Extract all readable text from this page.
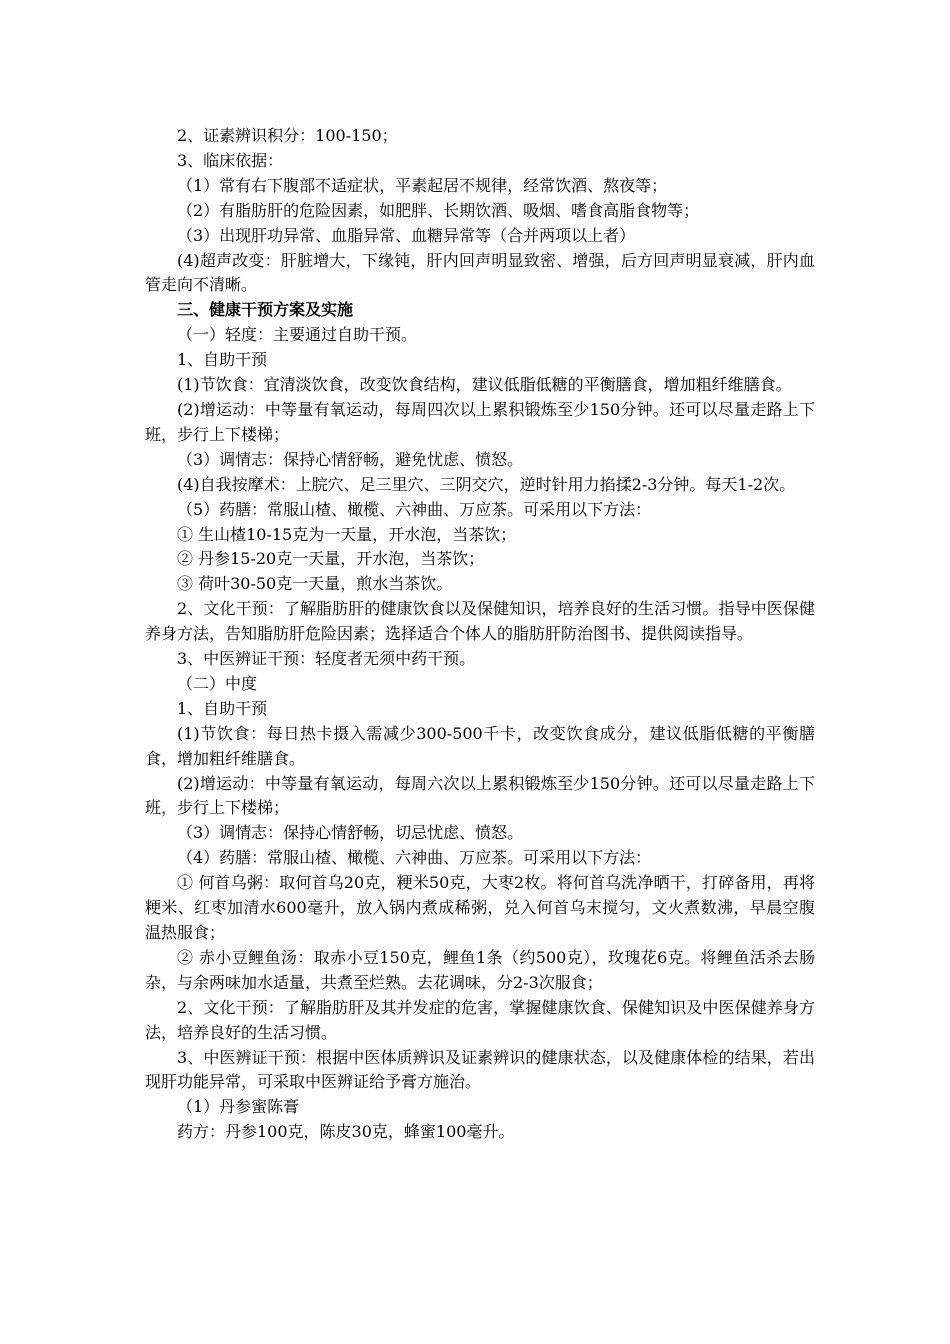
2、证素辨识积分：100-150；

3、临床依据：

（1）常有右下腹部不适症状，平素起居不规律，经常饮酒、熬夜等；

（2）有脂肪肝的危险因素，如肥胖、长期饮酒、吸烟、嗜食高脂食物等；

（3）出现肝功异常、血脂异常、血糖异常等（合并两项以上者）

(4)超声改变：肝脏增大，下缘钝，肝内回声明显致密、增强，后方回声明显衰减，肝内血管走向不清晰。

三、健康干预方案及实施

（一）轻度：主要通过自助干预。

1、自助干预

(1)节饮食：宜清淡饮食，改变饮食结构，建议低脂低糖的平衡膳食，增加粗纤维膳食。

(2)增运动：中等量有氧运动，每周四次以上累积锻炼至少150分钟。还可以尽量走路上下班，步行上下楼梯；

（3）调情志：保持心情舒畅，避免忧虑、愤怒。

(4)自我按摩术：上脘穴、足三里穴、三阴交穴，逆时针用力掐揉2-3分钟。每天1-2次。

（5）药膳：常服山楂、橄榄、六神曲、万应茶。可采用以下方法：

① 生山楂10-15克为一天量，开水泡，当茶饮；

② 丹参15-20克一天量，开水泡，当茶饮；

③ 荷叶30-50克一天量，煎水当茶饮。

2、文化干预：了解脂肪肝的健康饮食以及保健知识，培养良好的生活习惯。指导中医保健养身方法，告知脂肪肝危险因素；选择适合个体人的脂肪肝防治图书、提供阅读指导。

3、中医辨证干预：轻度者无须中药干预。

（二）中度

1、自助干预

(1)节饮食：每日热卡摄入需减少300-500千卡，改变饮食成分，建议低脂低糖的平衡膳食，增加粗纤维膳食。

(2)增运动：中等量有氧运动，每周六次以上累积锻炼至少150分钟。还可以尽量走路上下班，步行上下楼梯；

（3）调情志：保持心情舒畅，切忌忧虑、愤怒。

（4）药膳：常服山楂、橄榄、六神曲、万应茶。可采用以下方法：

① 何首乌粥：取何首乌20克，粳米50克，大枣2枚。将何首乌洗净晒干，打碎备用，再将粳米、红枣加清水600毫升，放入锅内煮成稀粥，兑入何首乌末搅匀，文火煮数沸，早晨空腹温热服食；

② 赤小豆鲤鱼汤：取赤小豆150克，鲤鱼1条（约500克），玫瑰花6克。将鲤鱼活杀去肠杂，与余两味加水适量，共煮至烂熟。去花调味，分2-3次服食；

2、文化干预：了解脂肪肝及其并发症的危害，掌握健康饮食、保健知识及中医保健养身方法，培养良好的生活习惯。

3、中医辨证干预：根据中医体质辨识及证素辨识的健康状态，以及健康体检的结果，若出现肝功能异常，可采取中医辨证给予膏方施治。

（1）丹参蜜陈膏

药方：丹参100克，陈皮30克，蜂蜜100毫升。
